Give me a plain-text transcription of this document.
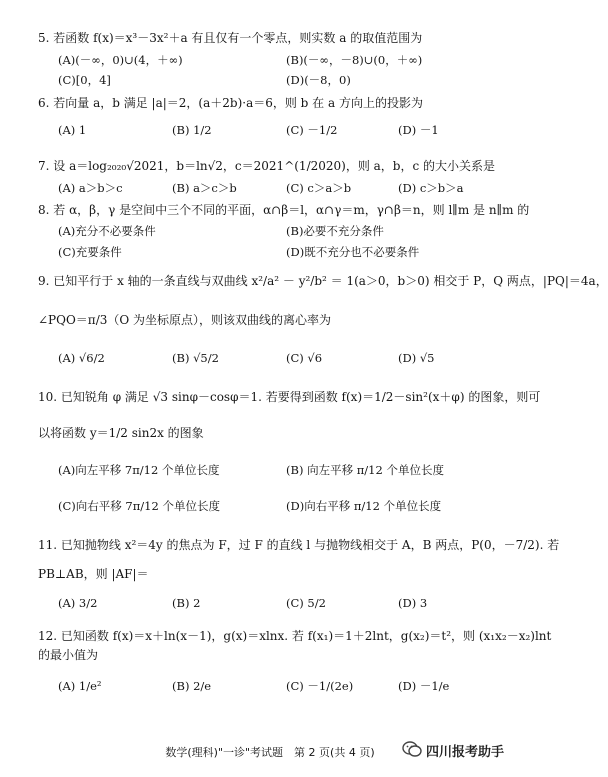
5. 若函数 f(x)＝x³－3x²＋a 有且仅有一个零点，则实数 a 的取值范围为
(A)(－∞，0)∪(4，＋∞)	(B)(－∞，－8)∪(0，＋∞)
(C)[0，4]	(D)(－8，0)
6. 若向量 a，b 满足 |a|＝2，(a＋2b)·a＝6，则 b 在 a 方向上的投影为
(A) 1	(B) 1/2	(C) －1/2	(D) －1
7. 设 a＝log₂₀₂₀√2021，b＝ln√2，c＝2021^(1/2020)，则 a，b，c 的大小关系是
(A) a＞b＞c	(B) a＞c＞b	(C) c＞a＞b	(D) c＞b＞a
8. 若 α，β，γ 是空间中三个不同的平面，α∩β＝l，α∩γ＝m，γ∩β＝n，则 l∥m 是 n∥m 的
(A)充分不必要条件	(B)必要不充分条件
(C)充要条件	(D)既不充分也不必要条件
9. 已知平行于 x 轴的一条直线与双曲线 x²/a² － y²/b² ＝ 1(a＞0，b＞0) 相交于 P，Q 两点，|PQ|＝4a，
∠PQO＝π/3（O 为坐标原点），则该双曲线的离心率为
(A) √6/2	(B) √5/2	(C) √6	(D) √5
10. 已知锐角 φ 满足 √3 sinφ－cosφ＝1. 若要得到函数 f(x)＝1/2－sin²(x＋φ) 的图象，则可
以将函数 y＝1/2 sin2x 的图象
(A)向左平移 7π/12 个单位长度	(B) 向左平移 π/12 个单位长度
(C)向右平移 7π/12 个单位长度	(D)向右平移 π/12 个单位长度
11. 已知抛物线 x²＝4y 的焦点为 F，过 F 的直线 l 与抛物线相交于 A，B 两点，P(0，－7/2). 若
PB⊥AB，则 |AF|＝
(A) 3/2	(B) 2	(C) 5/2	(D) 3
12. 已知函数 f(x)＝x＋ln(x－1)，g(x)＝xlnx. 若 f(x₁)＝1＋2lnt，g(x₂)＝t²，则 (x₁x₂－x₂)lnt
的最小值为
(A) 1/e²	(B) 2/e	(C) －1/(2e)	(D) －1/e
数学(理科)"一诊"考试题　第 2 页(共 4 页)	四川报考助手
